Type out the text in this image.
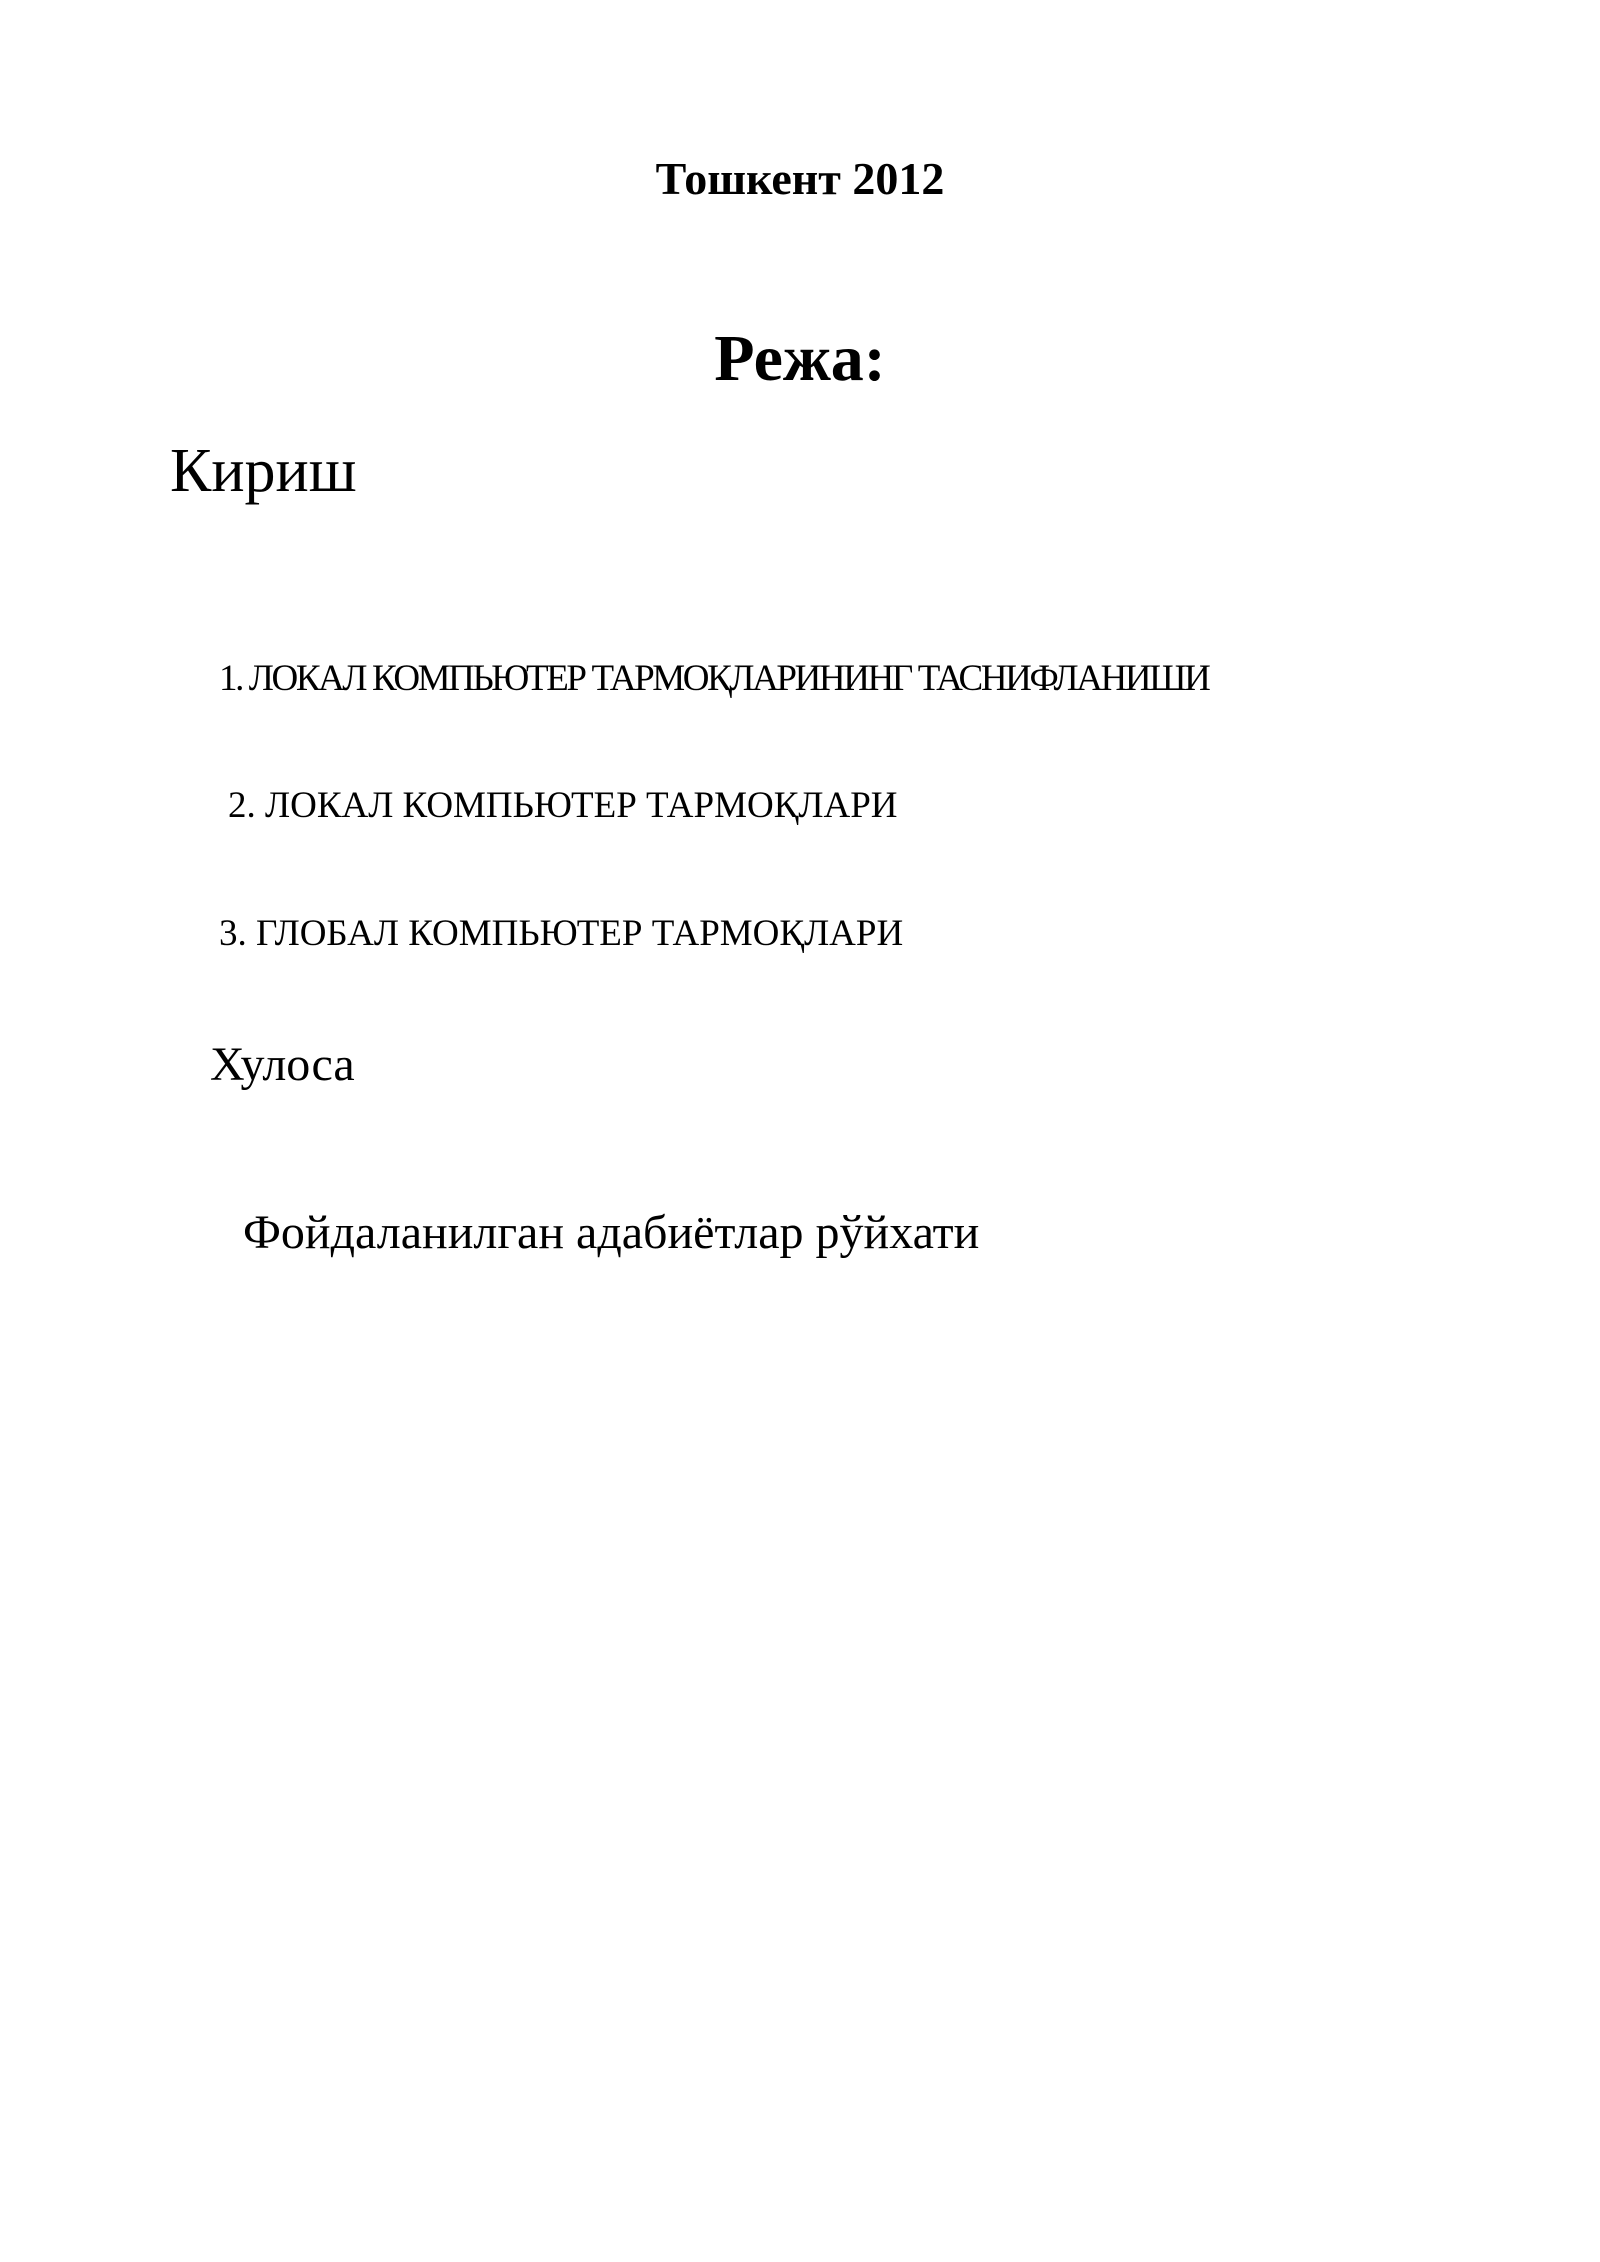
Тошкент 2012
Режа:
Кириш
1. ЛОКАЛ КОМПЬЮТЕР ТАРМОҚЛАРИНИНГ ТАСНИФЛАНИШИ
2. ЛОКАЛ КОМПЬЮТЕР ТАРМОҚЛАРИ
3. ГЛОБАЛ КОМПЬЮТЕР ТАРМОҚЛАРИ
Хулоса
Фойдаланилган адабиётлар рўйхати
